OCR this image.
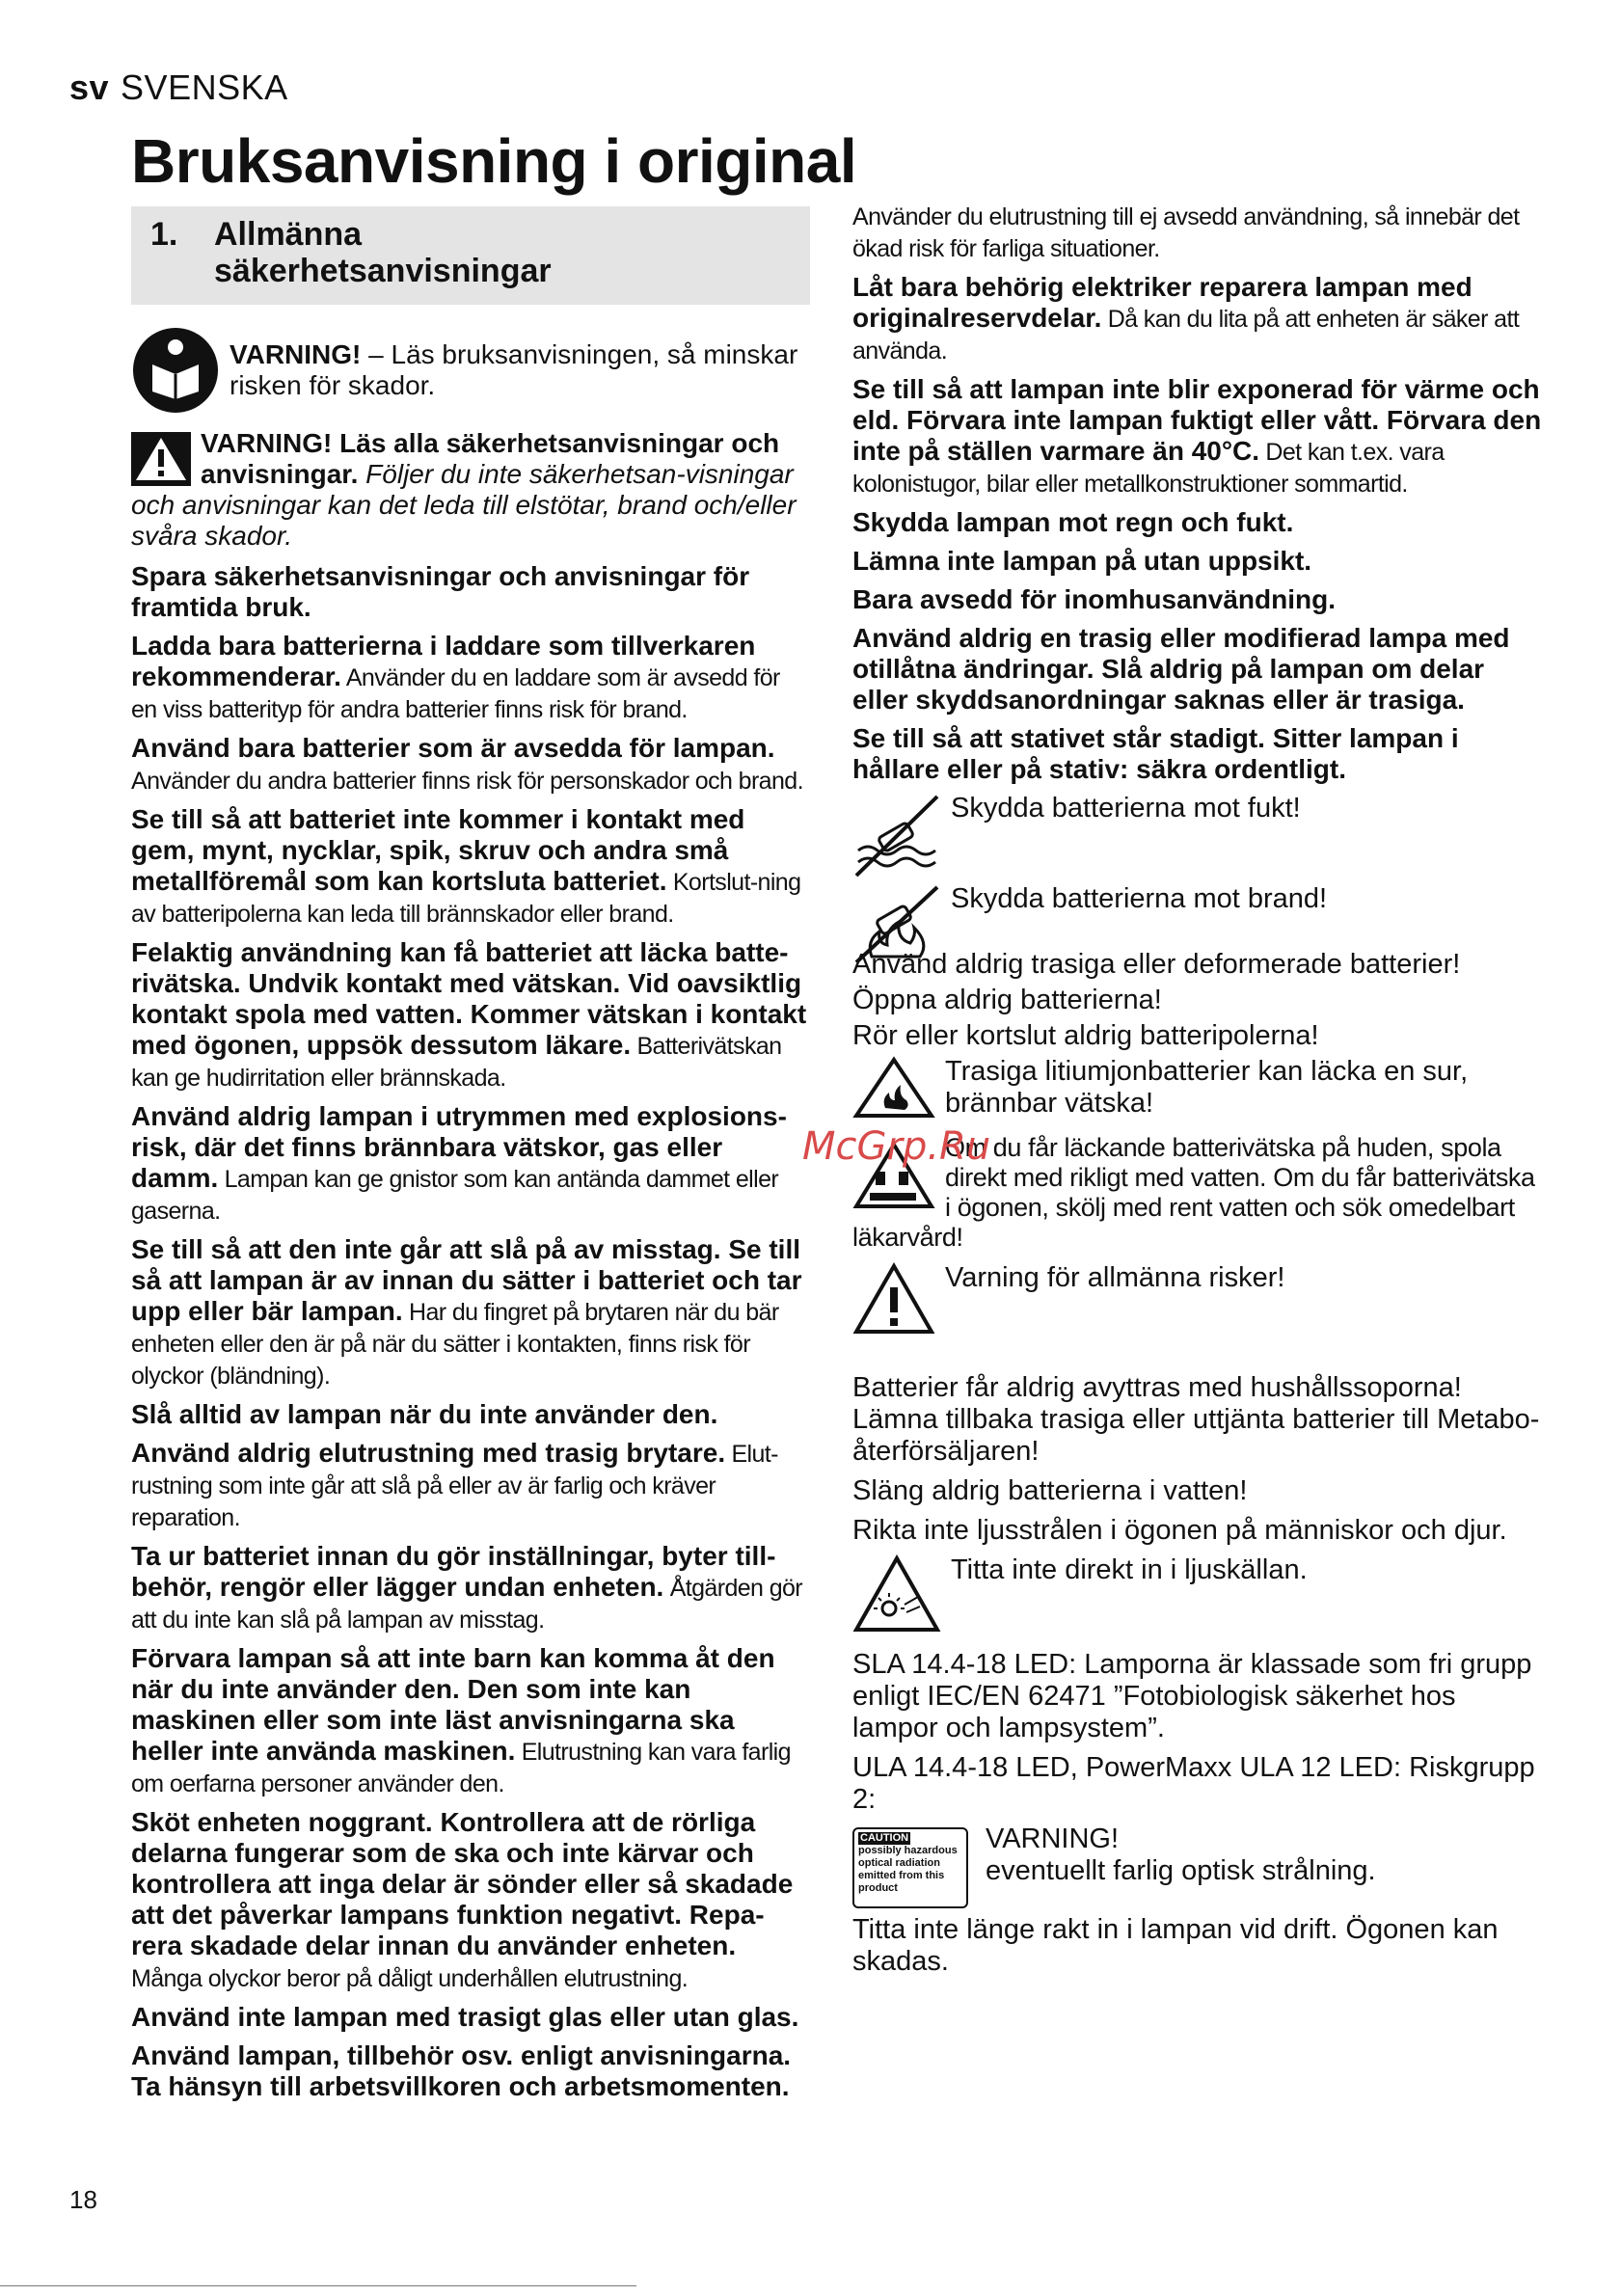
sv SVENSKA
Bruksanvisning i original
1.	Allmänna
säkerhetsanvisningar

VARNING! – Läs bruksanvisningen, så minskar risken för skador.

VARNING! Läs alla säkerhetsanvisningar och anvisningar. Följer du inte säkerhetsan-visningar och anvisningar kan det leda till elstötar, brand och/eller svåra skador.

Spara säkerhetsanvisningar och anvisningar för framtida bruk.

Ladda bara batterierna i laddare som tillverkaren rekommenderar. Använder du en laddare som är avsedd för en viss batterityp för andra batterier finns risk för brand.

Använd bara batterier som är avsedda för lampan. Använder du andra batterier finns risk för personskador och brand.

Se till så att batteriet inte kommer i kontakt med gem, mynt, nycklar, spik, skruv och andra små metallföremål som kan kortsluta batteriet. Kortslut-ning av batteripolerna kan leda till brännskador eller brand.

Felaktig användning kan få batteriet att läcka batte-rivätska. Undvik kontakt med vätskan. Vid oavsiktlig kontakt spola med vatten. Kommer vätskan i kontakt med ögonen, uppsök dessutom läkare. Batterivätskan kan ge hudirritation eller brännskada.

Använd aldrig lampan i utrymmen med explosions-risk, där det finns brännbara vätskor, gas eller damm. Lampan kan ge gnistor som kan antända dammet eller gaserna.

Se till så att den inte går att slå på av misstag. Se till så att lampan är av innan du sätter i batteriet och tar upp eller bär lampan. Har du fingret på brytaren när du bär enheten eller den är på när du sätter i kontakten, finns risk för olyckor (bländning).

Slå alltid av lampan när du inte använder den.

Använd aldrig elutrustning med trasig brytare. Elut-rustning som inte går att slå på eller av är farlig och kräver reparation.

Ta ur batteriet innan du gör inställningar, byter till-behör, rengör eller lägger undan enheten. Åtgärden gör att du inte kan slå på lampan av misstag.

Förvara lampan så att inte barn kan komma åt den när du inte använder den. Den som inte kan maskinen eller som inte läst anvisningarna ska heller inte använda maskinen. Elutrustning kan vara farlig om oerfarna personer använder den.

Sköt enheten noggrant. Kontrollera att de rörliga delarna fungerar som de ska och inte kärvar och kontrollera att inga delar är sönder eller så skadade att det påverkar lampans funktion negativt. Repa-rera skadade delar innan du använder enheten. Många olyckor beror på dåligt underhållen elutrustning.

Använd inte lampan med trasigt glas eller utan glas.

Använd lampan, tillbehör osv. enligt anvisningarna. Ta hänsyn till arbetsvillkoren och arbetsmomenten.

Använder du elutrustning till ej avsedd användning, så innebär det ökad risk för farliga situationer.

Låt bara behörig elektriker reparera lampan med originalreservdelar. Då kan du lita på att enheten är säker att använda.

Se till så att lampan inte blir exponerad för värme och eld. Förvara inte lampan fuktigt eller vått. Förvara den inte på ställen varmare än 40°C. Det kan t.ex. vara kolonistugor, bilar eller metallkonstruktioner sommartid.

Skydda lampan mot regn och fukt.

Lämna inte lampan på utan uppsikt.

Bara avsedd för inomhusanvändning.

Använd aldrig en trasig eller modifierad lampa med otillåtna ändringar. Slå aldrig på lampan om delar eller skyddsanordningar saknas eller är trasiga.

Se till så att stativet står stadigt. Sitter lampan i hållare eller på stativ: säkra ordentligt.

Skydda batterierna mot fukt!

Skydda batterierna mot brand!

Använd aldrig trasiga eller deformerade batterier!

Öppna aldrig batterierna!

Rör eller kortslut aldrig batteripolerna!

Trasiga litiumjonbatterier kan läcka en sur, brännbar vätska!

Om du får läckande batterivätska på huden, spola direkt med rikligt med vatten. Om du får batterivätska i ögonen, skölj med rent vatten och sök omedelbart läkarvård!

Varning för allmänna risker!

Batterier får aldrig avyttras med hushållssoporna! Lämna tillbaka trasiga eller uttjänta batterier till Metabo-återförsäljaren!

Släng aldrig batterierna i vatten!

Rikta inte ljusstrålen i ögonen på människor och djur.

Titta inte direkt in i ljuskällan.

SLA 14.4-18 LED: Lamporna är klassade som fri grupp enligt IEC/EN 62471 ”Fotobiologisk säkerhet hos lampor och lampsystem”.

ULA 14.4-18 LED, PowerMaxx ULA 12 LED: Riskgrupp 2:

CAUTION
possibly hazardous optical radiation emitted from this product

VARNING!
eventuellt farlig optisk strålning.

Titta inte länge rakt in i lampan vid drift. Ögonen kan skadas.

McGrp.Ru
18
